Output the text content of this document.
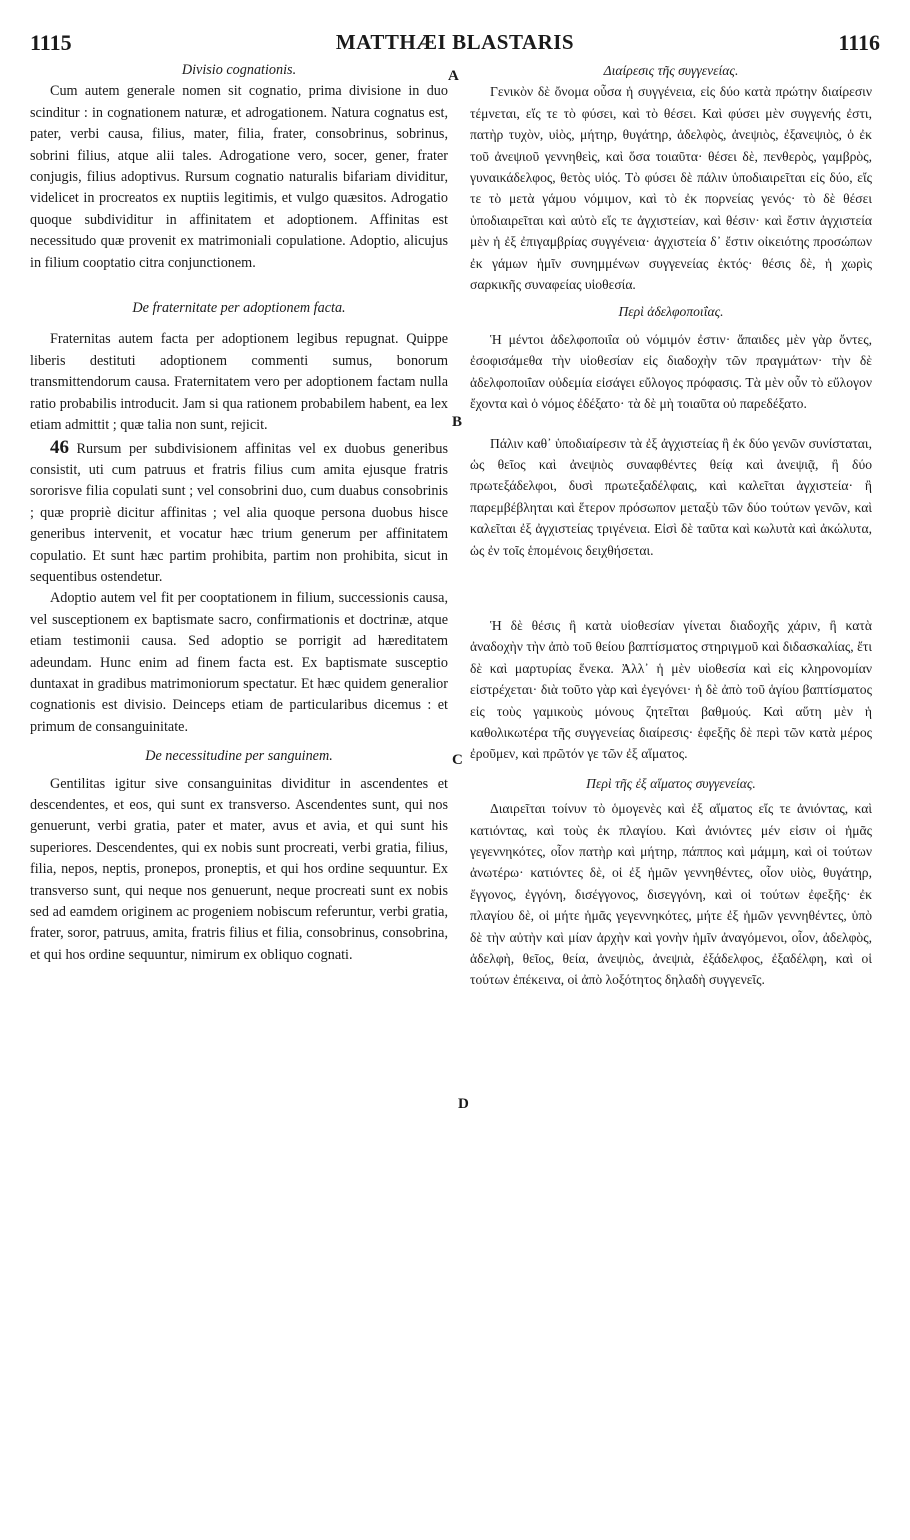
1115	MATTHÆI BLASTARIS	1116
A
B
C
D
Divisio cognationis.

Cum autem generale nomen sit cognatio, prima divisione in duo scinditur : in cognationem naturæ, et adrogationem. Natura cognatus est, pater, verbi causa, filius, mater, filia, frater, consobrinus, sobrinus, sobrini filius, atque alii tales. Adrogatione vero, socer, gener, frater conjugis, filius adoptivus. Rursum cognatio naturalis bifariam dividitur, videlicet in procreatos ex nuptiis legitimis, et vulgo quæsitos. Adrogatio quoque subdividitur in affinitatem et adoptionem. Affinitas est necessitudo quæ provenit ex matrimoniali copulatione. Adoptio, alicujus in filium cooptatio citra conjunctionem.

De fraternitate per adoptionem facta.

Fraternitas autem facta per adoptionem legibus repugnat. Quippe liberis destituti adoptionem commenti sumus, bonorum transmittendorum causa. Fraternitatem vero per adoptionem factam nulla ratio probabilis introducit. Jam si qua rationem probabilem habent, ea lex etiam admittit ; quæ talia non sunt, rejicit.

46 Rursum per subdivisionem affinitas vel ex duobus generibus consistit, uti cum patruus et fratris filius cum amita ejusque fratris sororisve filia copulati sunt ; vel consobrini duo, cum duabus consobrinis ; quæ propriè dicitur affinitas ; vel alia quoque persona duobus hisce generibus intervenit, et vocatur hæc trium generum per affinitatem copulatio. Et sunt hæc partim prohibita, partim non prohibita, sicut in sequentibus ostendetur.

Adoptio autem vel fit per cooptationem in filium, successionis causa, vel susceptionem ex baptismate sacro, confirmationis et doctrinæ, atque etiam testimonii causa. Sed adoptio se porrigit ad hæreditatem adeundam. Hunc enim ad finem facta est. Ex baptismate susceptio duntaxat in gradibus matrimoniorum spectatur. Et hæc quidem generalior cognationis est divisio. Deinceps etiam de particularibus dicemus : et primum de consanguinitate.

De necessitudine per sanguinem.

Gentilitas igitur sive consanguinitas dividitur in ascendentes et descendentes, et eos, qui sunt ex transverso. Ascendentes sunt, qui nos genuerunt, verbi gratia, pater et mater, avus et avia, et qui sunt his superiores. Descendentes, qui ex nobis sunt procreati, verbi gratia, filius, filia, nepos, neptis, pronepos, proneptis, et qui hos ordine sequuntur. Ex transverso sunt, qui neque nos genuerunt, neque procreati sunt ex nobis sed ad eamdem originem ac progeniem nobiscum referuntur, verbi gratia, frater, soror, patruus, amita, fratris filius et filia, consobrinus, consobrina, et qui hos ordine sequuntur, nimirum ex obliquo cognati.

Διαίρεσις τῆς συγγενείας.

Γενικὸν δὲ ὄνομα οὖσα ἡ συγγένεια, εἰς δύο κατὰ πρώτην διαίρεσιν τέμνεται, εἴς τε τὸ φύσει, καὶ τὸ θέσει. Καὶ φύσει μὲν συγγενής ἐστι, πατὴρ τυχὸν, υἱὸς, μήτηρ, θυγάτηρ, ἀδελφὸς, ἀνεψιὸς, ἐξανεψιὸς, ὁ ἐκ τοῦ ἀνεψιοῦ γεννηθεὶς, καὶ ὅσα τοιαῦτα· θέσει δὲ, πενθερὸς, γαμβρὸς, γυναικάδελφος, θετὸς υἱός. Τὸ φύσει δὲ πάλιν ὑποδιαιρεῖται εἰς δύο, εἴς τε τὸ μετὰ γάμου νόμιμον, καὶ τὸ ἐκ πορνείας γενός· τὸ δὲ θέσει ὑποδιαιρεῖται καὶ αὐτὸ εἴς τε ἀγχιστείαν, καὶ θέσιν· καὶ ἔστιν ἀγχιστεία μὲν ἡ ἐξ ἐπιγαμβρίας συγγένεια· ἀγχιστεία δ᾽ ἔστιν οἰκειότης προσώπων ἐκ γάμων ἡμῖν συνημμένων συγγενείας ἐκτός· θέσις δὲ, ἡ χωρὶς σαρκικῆς συναφείας υἱοθεσία.

Περὶ ἀδελφοποιΐας.

Ἡ μέντοι ἀδελφοποιΐα οὐ νόμιμόν ἐστιν· ἄπαιδες μὲν γὰρ ὄντες, ἐσοφισάμεθα τὴν υἱοθεσίαν εἰς διαδοχὴν τῶν πραγμάτων· τὴν δὲ ἀδελφοποιΐαν οὐδεμία εἰσάγει εὔλογος πρόφασις. Τὰ μὲν οὖν τὸ εὔλογον ἔχοντα καὶ ὁ νόμος ἐδέξατο· τὰ δὲ μὴ τοιαῦτα οὐ παρεδέξατο.

Πάλιν καθ᾽ ὑποδιαίρεσιν τὰ ἐξ ἀγχιστείας ἢ ἐκ δύο γενῶν συνίσταται, ὡς θεῖος καὶ ἀνεψιὸς συναφθέντες θείᾳ καὶ ἀνεψιᾷ, ἢ δύο πρωτεξάδελφοι, δυσὶ πρωτεξαδέλφαις, καὶ καλεῖται ἀγχιστεία· ἢ παρεμβέβληται καὶ ἕτερον πρόσωπον μεταξὺ τῶν δύο τούτων γενῶν, καὶ καλεῖται ἐξ ἀγχιστείας τριγένεια. Εἰσὶ δὲ ταῦτα καὶ κωλυτὰ καὶ ἀκώλυτα, ὡς ἐν τοῖς ἑπομένοις δειχθήσεται.

Ἡ δὲ θέσις ἢ κατὰ υἱοθεσίαν γίνεται διαδοχῆς χάριν, ἢ κατὰ ἀναδοχὴν τὴν ἀπὸ τοῦ θείου βαπτίσματος στηριγμοῦ καὶ διδασκαλίας, ἔτι δὲ καὶ μαρτυρίας ἕνεκα. Ἀλλ᾽ ἡ μὲν υἱοθεσία καὶ εἰς κληρονομίαν εἰστρέχεται· διὰ τοῦτο γὰρ καὶ ἐγεγόνει· ἡ δὲ ἀπὸ τοῦ ἁγίου βαπτίσματος εἰς τοὺς γαμικοὺς μόνους ζητεῖται βαθμούς. Καὶ αὕτη μὲν ἡ καθολικωτέρα τῆς συγγενείας διαίρεσις· ἐφεξῆς δὲ περὶ τῶν κατὰ μέρος ἐροῦμεν, καὶ πρῶτόν γε τῶν ἐξ αἵματος.

Περὶ τῆς ἐξ αἵματος συγγενείας.

Διαιρεῖται τοίνυν τὸ ὁμογενὲς καὶ ἐξ αἵματος εἴς τε ἀνιόντας, καὶ κατιόντας, καὶ τοὺς ἐκ πλαγίου. Καὶ ἀνιόντες μέν εἰσιν οἱ ἡμᾶς γεγεννηκότες, οἷον πατὴρ καὶ μήτηρ, πάππος καὶ μάμμη, καὶ οἱ τούτων ἀνωτέρω· κατιόντες δὲ, οἱ ἐξ ἡμῶν γεννηθέντες, οἷον υἱὸς, θυγάτηρ, ἔγγονος, ἐγγόνη, δισέγγονος, δισεγγόνη, καὶ οἱ τούτων ἐφεξῆς· ἐκ πλαγίου δὲ, οἱ μήτε ἡμᾶς γεγεννηκότες, μήτε ἐξ ἡμῶν γεννηθέντες, ὑπὸ δὲ τὴν αὐτὴν καὶ μίαν ἀρχὴν καὶ γονὴν ἡμῖν ἀναγόμενοι, οἷον, ἀδελφὸς, ἀδελφὴ, θεῖος, θεία, ἀνεψιὸς, ἀνεψιὰ, ἐξάδελφος, ἐξαδέλφη, καὶ οἱ τούτων ἐπέκεινα, οἱ ἀπὸ λοξότητος δηλαδὴ συγγενεῖς.
